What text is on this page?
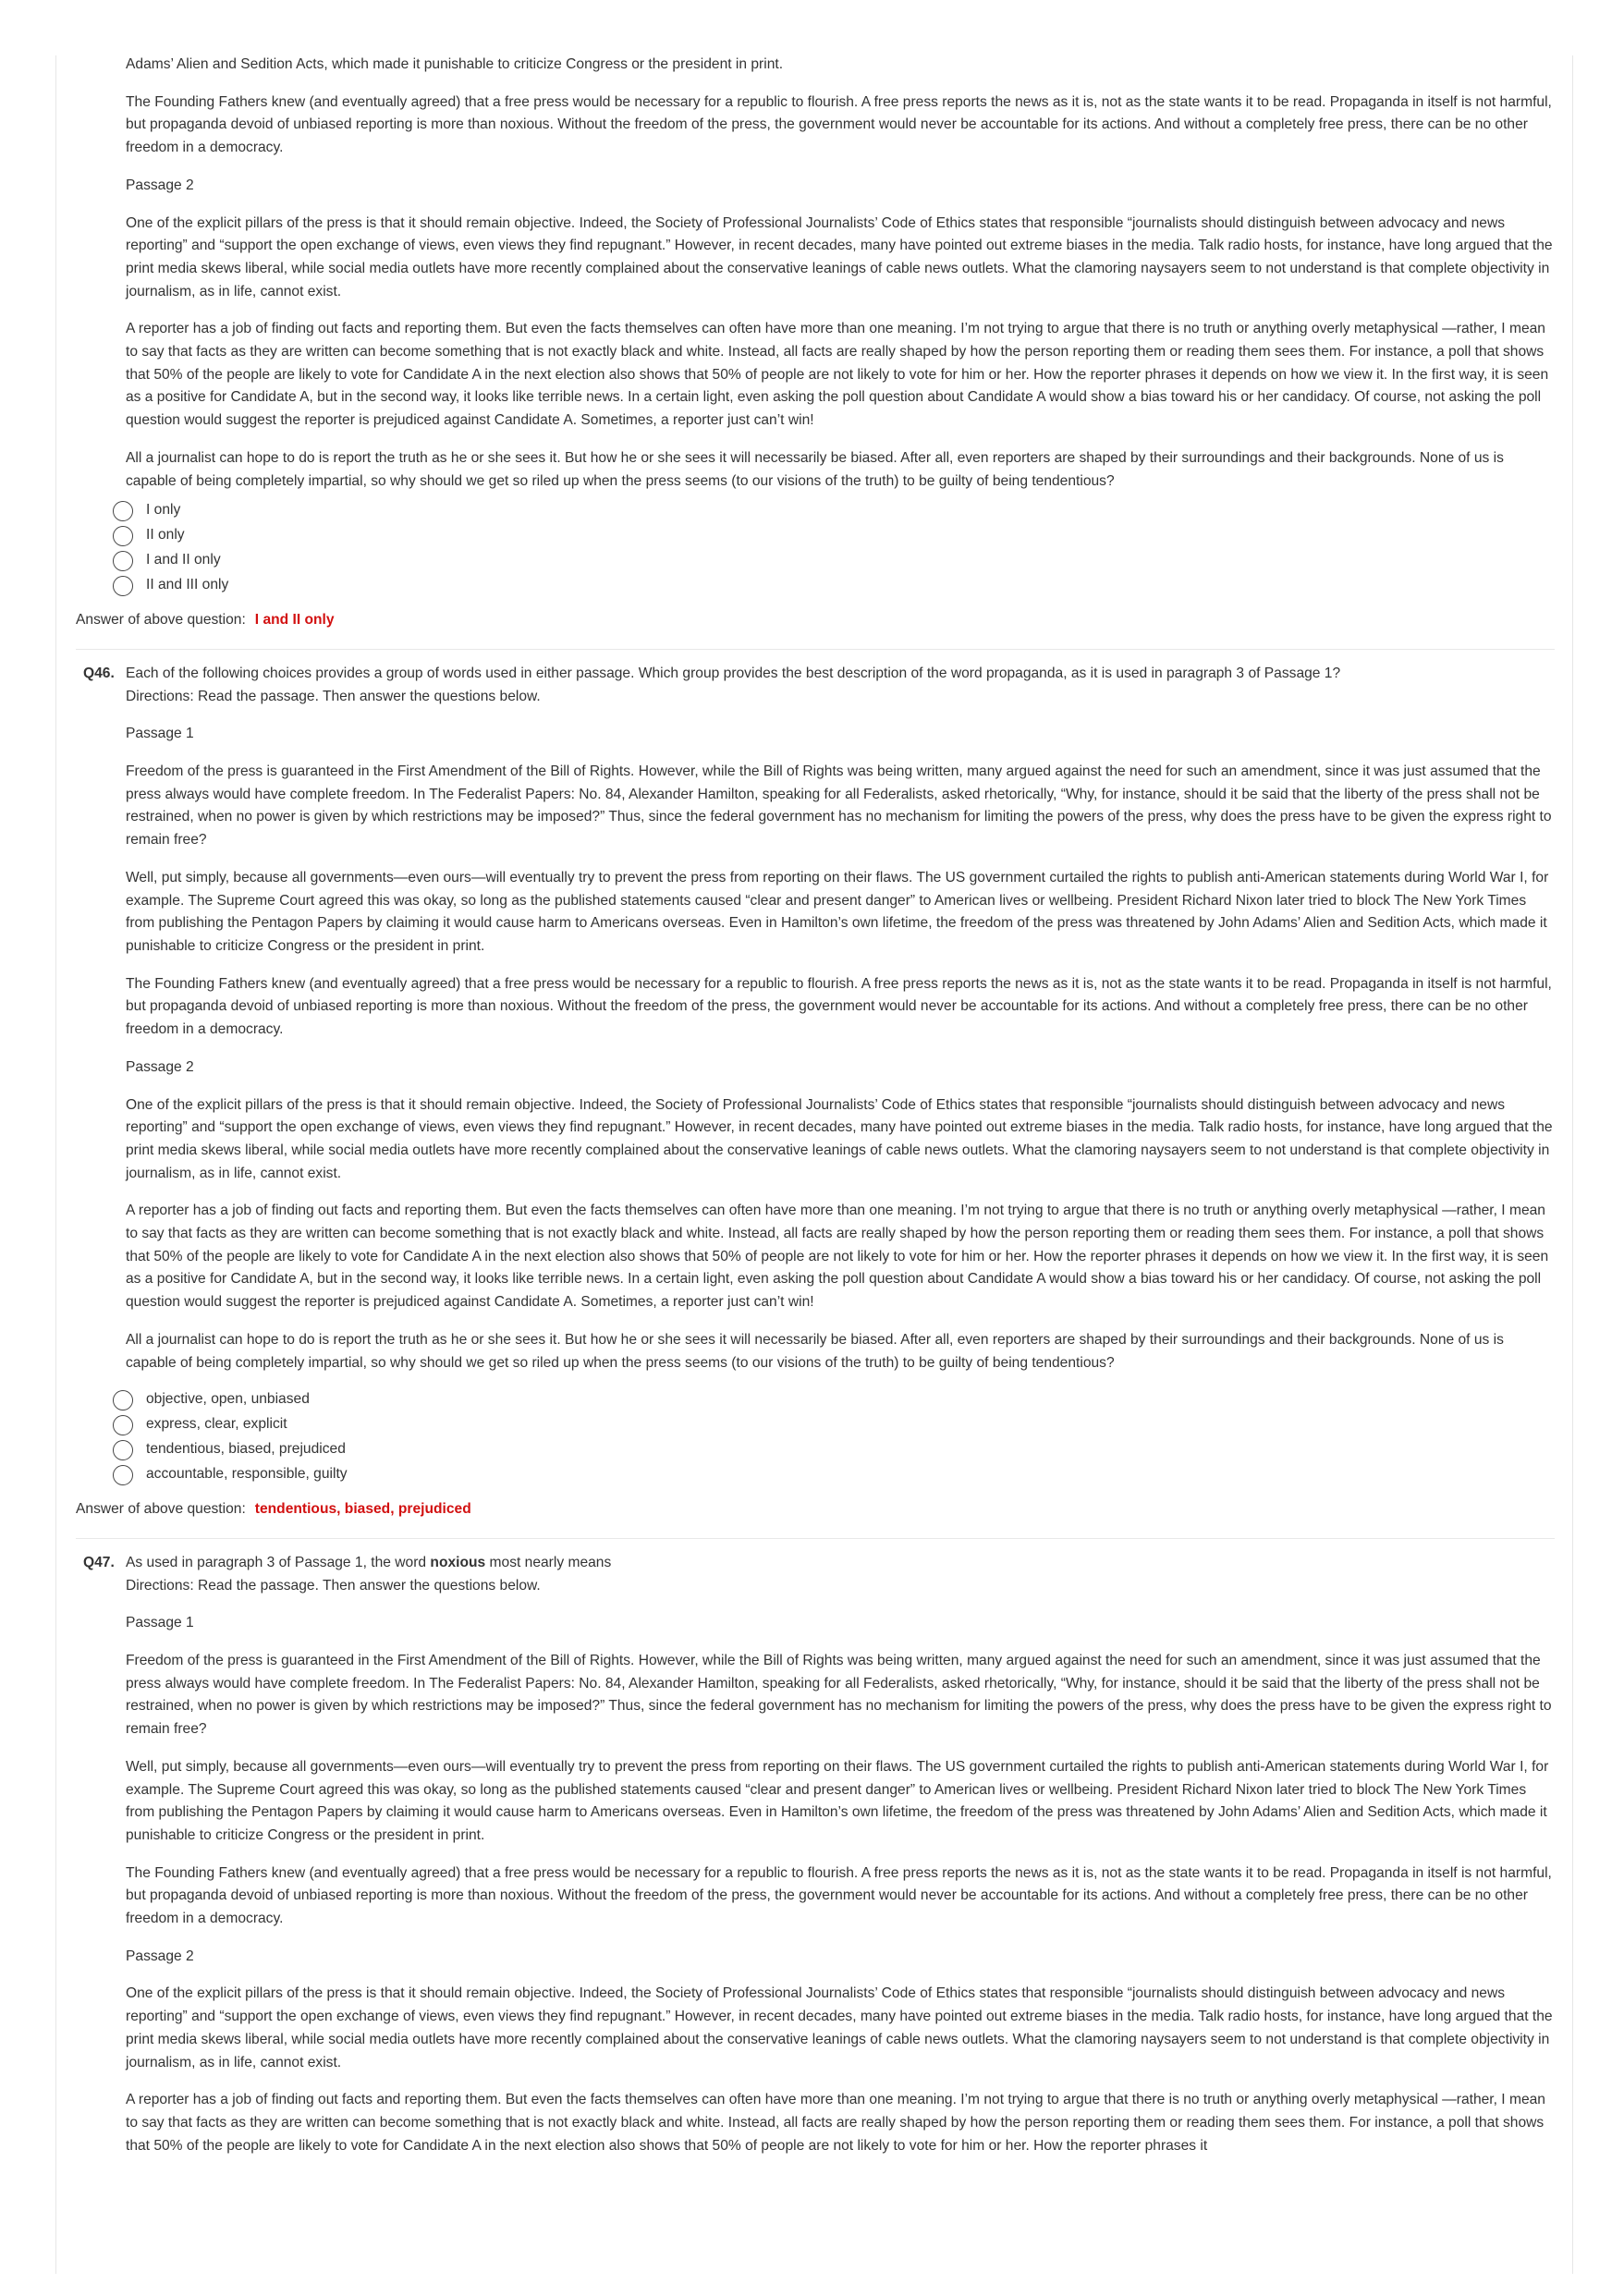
Adams’ Alien and Sedition Acts, which made it punishable to criticize Congress or the president in print.

The Founding Fathers knew (and eventually agreed) that a free press would be necessary for a republic to flourish. A free press reports the news as it is, not as the state wants it to be read. Propaganda in itself is not harmful, but propaganda devoid of unbiased reporting is more than noxious. Without the freedom of the press, the government would never be accountable for its actions. And without a completely free press, there can be no other freedom in a democracy.

Passage 2

One of the explicit pillars of the press is that it should remain objective. Indeed, the Society of Professional Journalists’ Code of Ethics states that responsible “journalists should distinguish between advocacy and news reporting” and “support the open exchange of views, even views they find repugnant.” However, in recent decades, many have pointed out extreme biases in the media. Talk radio hosts, for instance, have long argued that the print media skews liberal, while social media outlets have more recently complained about the conservative leanings of cable news outlets. What the clamoring naysayers seem to not understand is that complete objectivity in journalism, as in life, cannot exist.

A reporter has a job of finding out facts and reporting them. But even the facts themselves can often have more than one meaning. I’m not trying to argue that there is no truth or anything overly metaphysical —rather, I mean to say that facts as they are written can become something that is not exactly black and white. Instead, all facts are really shaped by how the person reporting them or reading them sees them. For instance, a poll that shows that 50% of the people are likely to vote for Candidate A in the next election also shows that 50% of people are not likely to vote for him or her. How the reporter phrases it depends on how we view it. In the first way, it is seen as a positive for Candidate A, but in the second way, it looks like terrible news. In a certain light, even asking the poll question about Candidate A would show a bias toward his or her candidacy. Of course, not asking the poll question would suggest the reporter is prejudiced against Candidate A. Sometimes, a reporter just can’t win!

All a journalist can hope to do is report the truth as he or she sees it. But how he or she sees it will necessarily be biased. After all, even reporters are shaped by their surroundings and their backgrounds. None of us is capable of being completely impartial, so why should we get so riled up when the press seems (to our visions of the truth) to be guilty of being tendentious?

I only
II only
I and II only
II and III only
Answer of above question: I and II only
Q46. Each of the following choices provides a group of words used in either passage. Which group provides the best description of the word propaganda, as it is used in paragraph 3 of Passage 1?
Directions: Read the passage. Then answer the questions below.
Passage 1

Freedom of the press is guaranteed in the First Amendment of the Bill of Rights. However, while the Bill of Rights was being written, many argued against the need for such an amendment, since it was just assumed that the press always would have complete freedom. In The Federalist Papers: No. 84, Alexander Hamilton, speaking for all Federalists, asked rhetorically, “Why, for instance, should it be said that the liberty of the press shall not be restrained, when no power is given by which restrictions may be imposed?” Thus, since the federal government has no mechanism for limiting the powers of the press, why does the press have to be given the express right to remain free?

Well, put simply, because all governments—even ours—will eventually try to prevent the press from reporting on their flaws. The US government curtailed the rights to publish anti-American statements during World War I, for example. The Supreme Court agreed this was okay, so long as the published statements caused “clear and present danger” to American lives or wellbeing. President Richard Nixon later tried to block The New York Times from publishing the Pentagon Papers by claiming it would cause harm to Americans overseas. Even in Hamilton’s own lifetime, the freedom of the press was threatened by John Adams’ Alien and Sedition Acts, which made it punishable to criticize Congress or the president in print.

The Founding Fathers knew (and eventually agreed) that a free press would be necessary for a republic to flourish. A free press reports the news as it is, not as the state wants it to be read. Propaganda in itself is not harmful, but propaganda devoid of unbiased reporting is more than noxious. Without the freedom of the press, the government would never be accountable for its actions. And without a completely free press, there can be no other freedom in a democracy.

Passage 2

One of the explicit pillars of the press is that it should remain objective. Indeed, the Society of Professional Journalists’ Code of Ethics states that responsible “journalists should distinguish between advocacy and news reporting” and “support the open exchange of views, even views they find repugnant.” However, in recent decades, many have pointed out extreme biases in the media. Talk radio hosts, for instance, have long argued that the print media skews liberal, while social media outlets have more recently complained about the conservative leanings of cable news outlets. What the clamoring naysayers seem to not understand is that complete objectivity in journalism, as in life, cannot exist.

A reporter has a job of finding out facts and reporting them. But even the facts themselves can often have more than one meaning. I’m not trying to argue that there is no truth or anything overly metaphysical —rather, I mean to say that facts as they are written can become something that is not exactly black and white. Instead, all facts are really shaped by how the person reporting them or reading them sees them. For instance, a poll that shows that 50% of the people are likely to vote for Candidate A in the next election also shows that 50% of people are not likely to vote for him or her. How the reporter phrases it depends on how we view it. In the first way, it is seen as a positive for Candidate A, but in the second way, it looks like terrible news. In a certain light, even asking the poll question about Candidate A would show a bias toward his or her candidacy. Of course, not asking the poll question would suggest the reporter is prejudiced against Candidate A. Sometimes, a reporter just can’t win!

All a journalist can hope to do is report the truth as he or she sees it. But how he or she sees it will necessarily be biased. After all, even reporters are shaped by their surroundings and their backgrounds. None of us is capable of being completely impartial, so why should we get so riled up when the press seems (to our visions of the truth) to be guilty of being tendentious?

objective, open, unbiased
express, clear, explicit
tendentious, biased, prejudiced
accountable, responsible, guilty
Answer of above question: tendentious, biased, prejudiced
Q47. As used in paragraph 3 of Passage 1, the word noxious most nearly means
Directions: Read the passage. Then answer the questions below.
Passage 1

Freedom of the press is guaranteed in the First Amendment of the Bill of Rights. However, while the Bill of Rights was being written, many argued against the need for such an amendment, since it was just assumed that the press always would have complete freedom. In The Federalist Papers: No. 84, Alexander Hamilton, speaking for all Federalists, asked rhetorically, “Why, for instance, should it be said that the liberty of the press shall not be restrained, when no power is given by which restrictions may be imposed?” Thus, since the federal government has no mechanism for limiting the powers of the press, why does the press have to be given the express right to remain free?

Well, put simply, because all governments—even ours—will eventually try to prevent the press from reporting on their flaws. The US government curtailed the rights to publish anti-American statements during World War I, for example. The Supreme Court agreed this was okay, so long as the published statements caused “clear and present danger” to American lives or wellbeing. President Richard Nixon later tried to block The New York Times from publishing the Pentagon Papers by claiming it would cause harm to Americans overseas. Even in Hamilton’s own lifetime, the freedom of the press was threatened by John Adams’ Alien and Sedition Acts, which made it punishable to criticize Congress or the president in print.

The Founding Fathers knew (and eventually agreed) that a free press would be necessary for a republic to flourish. A free press reports the news as it is, not as the state wants it to be read. Propaganda in itself is not harmful, but propaganda devoid of unbiased reporting is more than noxious. Without the freedom of the press, the government would never be accountable for its actions. And without a completely free press, there can be no other freedom in a democracy.

Passage 2

One of the explicit pillars of the press is that it should remain objective. Indeed, the Society of Professional Journalists’ Code of Ethics states that responsible “journalists should distinguish between advocacy and news reporting” and “support the open exchange of views, even views they find repugnant.” However, in recent decades, many have pointed out extreme biases in the media. Talk radio hosts, for instance, have long argued that the print media skews liberal, while social media outlets have more recently complained about the conservative leanings of cable news outlets. What the clamoring naysayers seem to not understand is that complete objectivity in journalism, as in life, cannot exist.

A reporter has a job of finding out facts and reporting them. But even the facts themselves can often have more than one meaning. I’m not trying to argue that there is no truth or anything overly metaphysical —rather, I mean to say that facts as they are written can become something that is not exactly black and white. Instead, all facts are really shaped by how the person reporting them or reading them sees them. For instance, a poll that shows that 50% of the people are likely to vote for Candidate A in the next election also shows that 50% of people are not likely to vote for him or her. How the reporter phrases it
